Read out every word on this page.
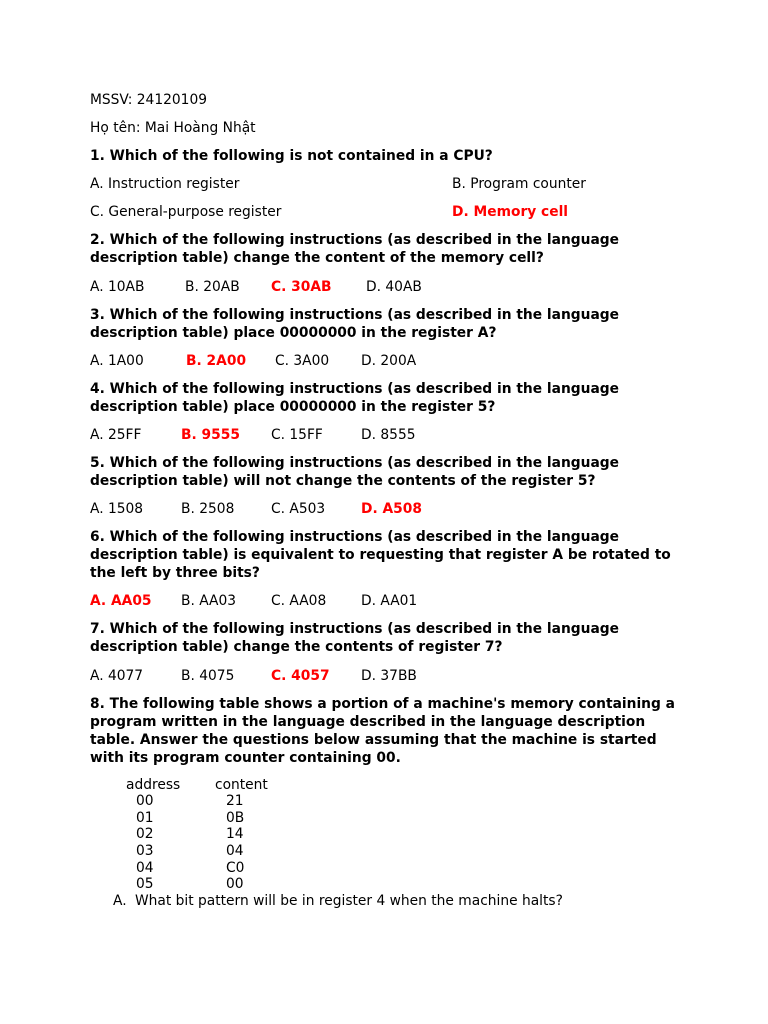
MSSV: 24120109
Họ tên: Mai Hoàng Nhật
1. Which of the following is not contained in a CPU?
A. Instruction register	B. Program counter
C. General-purpose register	D. Memory cell
2. Which of the following instructions (as described in the language
description table) change the content of the memory cell?
A. 10AB	B. 20AB C. 30AB D. 40AB
3. Which of the following instructions (as described in the language
description table) place 00000000 in the register A?
A. 1A00	B. 2A00 C. 3A00 D. 200A
4. Which of the following instructions (as described in the language
description table) place 00000000 in the register 5?
A. 25FF	B. 9555 C. 15FF	D. 8555
5. Which of the following instructions (as described in the language
description table) will not change the contents of the register 5?
A. 1508	B. 2508	C. A503	D. A508
6. Which of the following instructions (as described in the language
description table) is equivalent to requesting that register A be rotated to
the left by three bits?
A. AA05 B. AA03	C. AA08	D. AA01
7. Which of the following instructions (as described in the language
description table) change the contents of register 7?
A. 4077	B. 4075	C. 4057 D. 37BB
8. The following table shows a portion of a machine's memory containing a
program written in the language described in the language description
table. Answer the questions below assuming that the machine is started
with its program counter containing 00.
address	content
00	21
01	0B
02	14
03	04
04	C0
05	00
A. What bit pattern will be in register 4 when the machine halts?
